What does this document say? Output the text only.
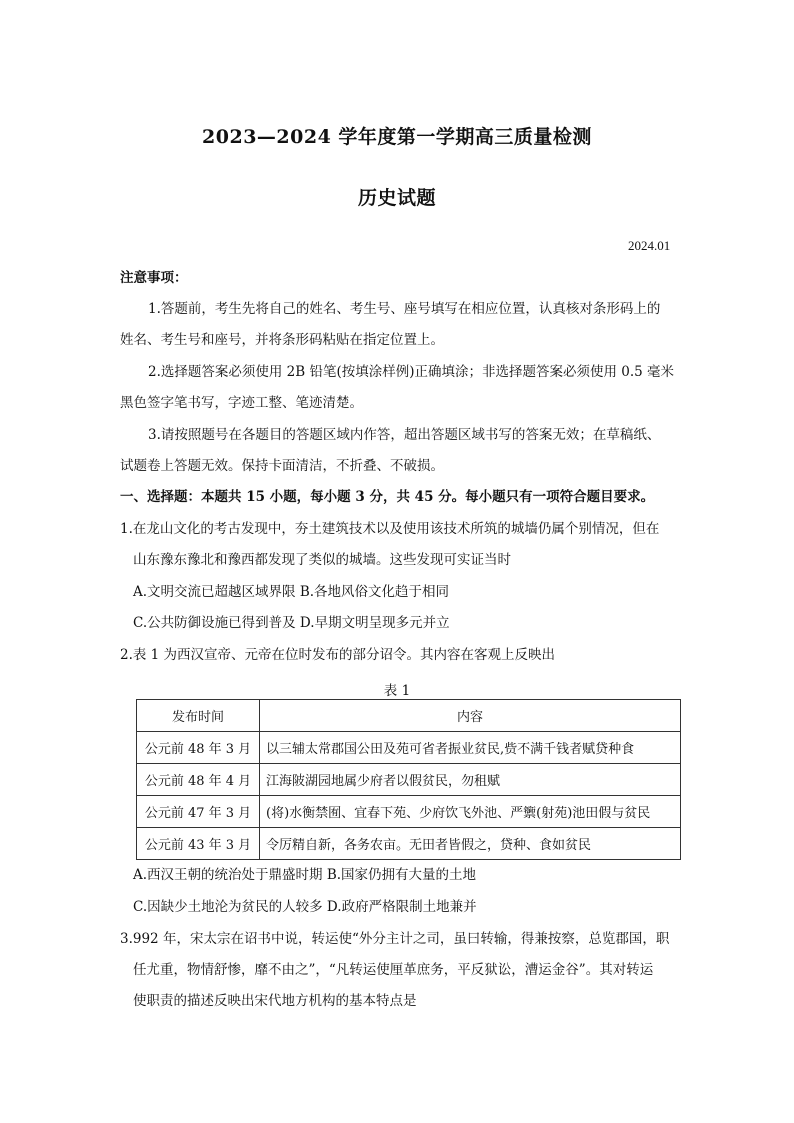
2023—2024 学年度第一学期高三质量检测
历史试题
2024.01
注意事项：
1.答题前，考生先将自己的姓名、考生号、座号填写在相应位置，认真核对条形码上的
姓名、考生号和座号，并将条形码粘贴在指定位置上。
2.选择题答案必须使用 2B 铅笔(按填涂样例)正确填涂；非选择题答案必须使用 0.5 毫米
黑色签字笔书写，字迹工整、笔迹清楚。
3.请按照题号在各题目的答题区域内作答，超出答题区域书写的答案无效；在草稿纸、
试题卷上答题无效。保持卡面清洁，不折叠、不破损。
一、选择题：本题共 15 小题，每小题 3 分，共 45 分。每小题只有一项符合题目要求。
1.在龙山文化的考古发现中，夯土建筑技术以及使用该技术所筑的城墙仍属个别情况，但在
山东豫东豫北和豫西都发现了类似的城墙。这些发现可实证当时
A.文明交流已超越区域界限 B.各地风俗文化趋于相同
C.公共防御设施已得到普及 D.早期文明呈现多元并立
2.表 1 为西汉宣帝、元帝在位时发布的部分诏令。其内容在客观上反映出
表 1
发布时间	内容
公元前 48 年 3 月	以三辅太常郡国公田及苑可省者振业贫民,赀不满千钱者赋贷种食
公元前 48 年 4 月	江海陂湖园地属少府者以假贫民，勿租赋
公元前 47 年 3 月	(将)水衡禁囿、宜春下苑、少府饮飞外池、严籞(射苑)池田假与贫民
公元前 43 年 3 月	令厉精自新，各务农亩。无田者皆假之，贷种、食如贫民
A.西汉王朝的统治处于鼎盛时期 B.国家仍拥有大量的土地
C.因缺少土地沦为贫民的人较多 D.政府严格限制土地兼并
3.992 年，宋太宗在诏书中说，转运使“外分主计之司，虽曰转输，得兼按察，总览郡国，职
任尤重，物情舒惨，靡不由之”，“凡转运使厘革庶务，平反狱讼，漕运金谷”。其对转运
使职责的描述反映出宋代地方机构的基本特点是
